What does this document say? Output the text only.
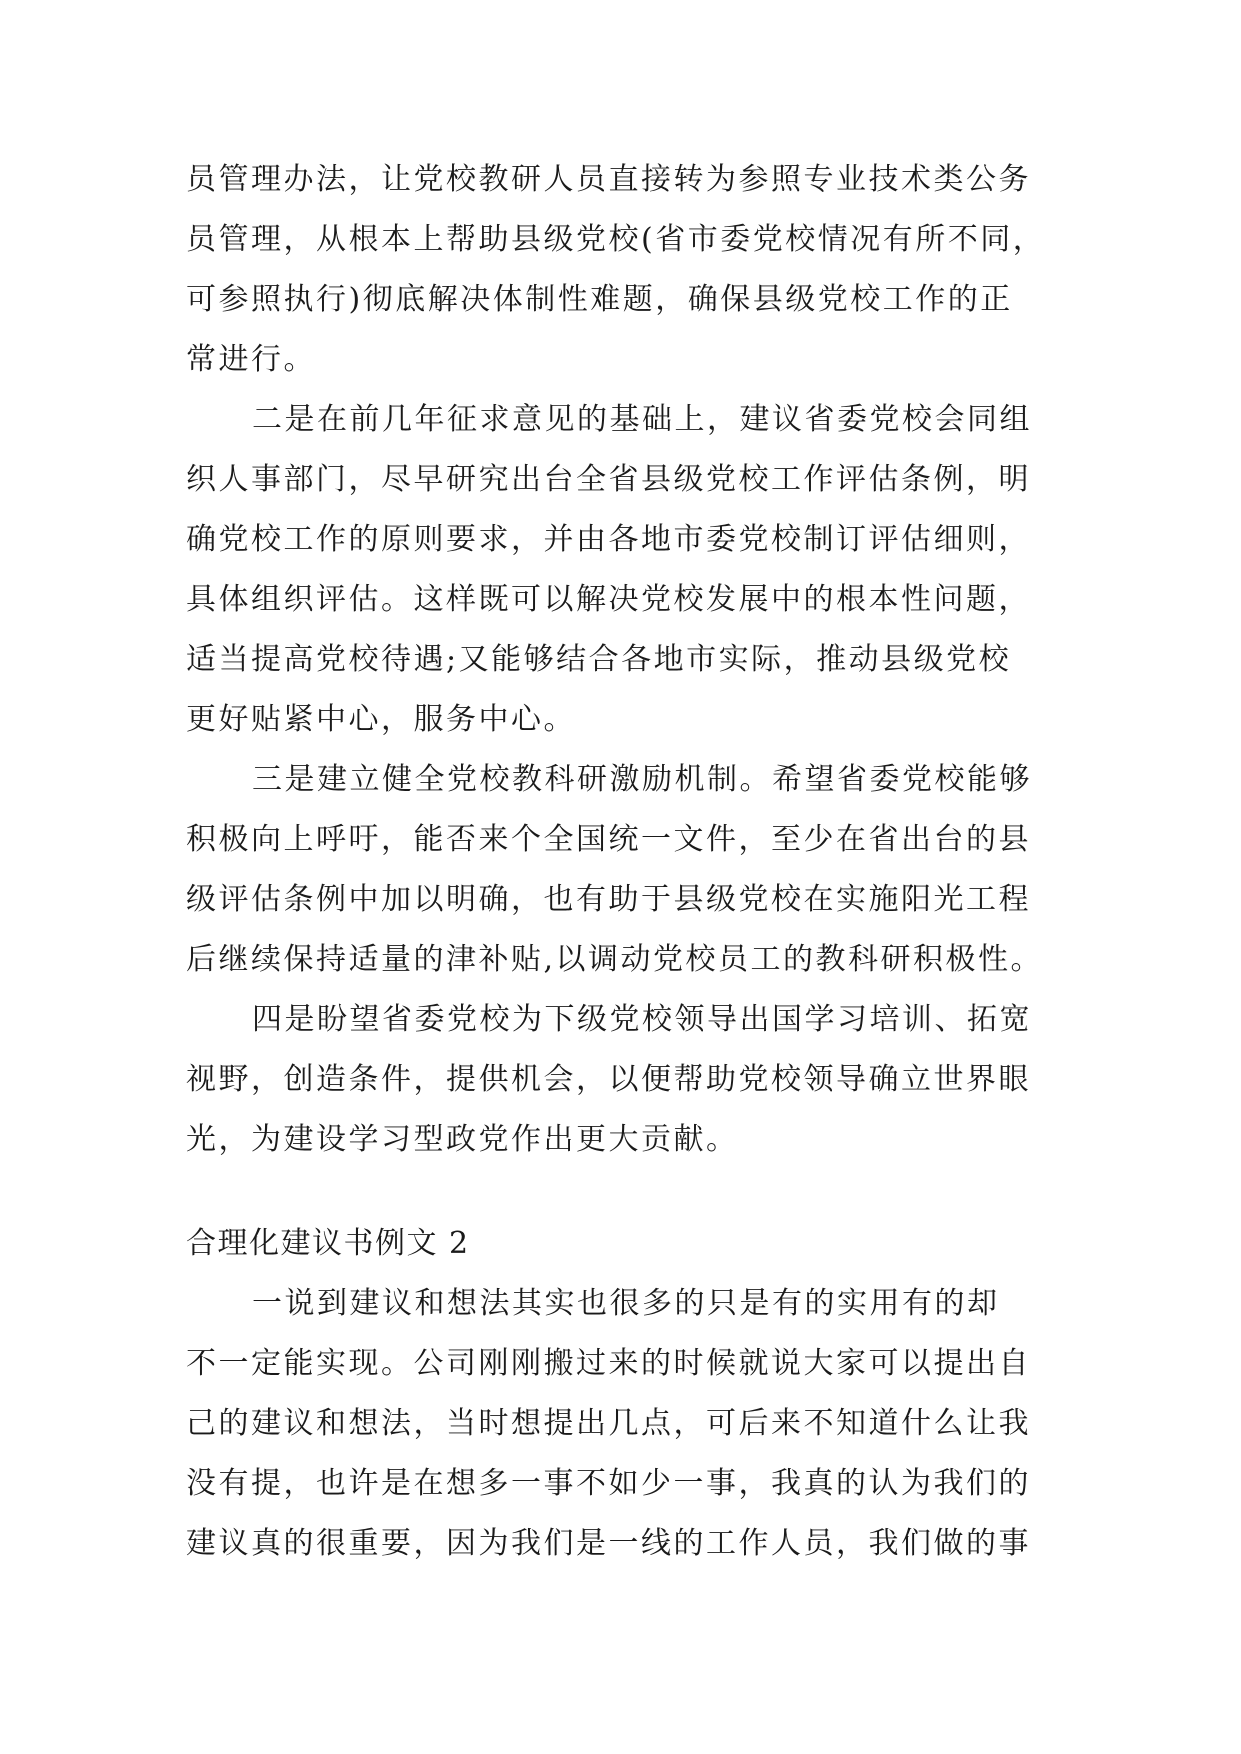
员管理办法，让党校教研人员直接转为参照专业技术类公务
员管理，从根本上帮助县级党校(省市委党校情况有所不同，
可参照执行)彻底解决体制性难题，确保县级党校工作的正
常进行。
二是在前几年征求意见的基础上，建议省委党校会同组
织人事部门，尽早研究出台全省县级党校工作评估条例，明
确党校工作的原则要求，并由各地市委党校制订评估细则，
具体组织评估。这样既可以解决党校发展中的根本性问题，
适当提高党校待遇;又能够结合各地市实际，推动县级党校
更好贴紧中心，服务中心。
三是建立健全党校教科研激励机制。希望省委党校能够
积极向上呼吁，能否来个全国统一文件，至少在省出台的县
级评估条例中加以明确，也有助于县级党校在实施阳光工程
后继续保持适量的津补贴,以调动党校员工的教科研积极性。
四是盼望省委党校为下级党校领导出国学习培训、拓宽
视野，创造条件，提供机会，以便帮助党校领导确立世界眼
光，为建设学习型政党作出更大贡献。
合理化建议书例文 2
一说到建议和想法其实也很多的只是有的实用有的却
不一定能实现。公司刚刚搬过来的时候就说大家可以提出自
己的建议和想法，当时想提出几点，可后来不知道什么让我
没有提，也许是在想多一事不如少一事，我真的认为我们的
建议真的很重要，因为我们是一线的工作人员，我们做的事
